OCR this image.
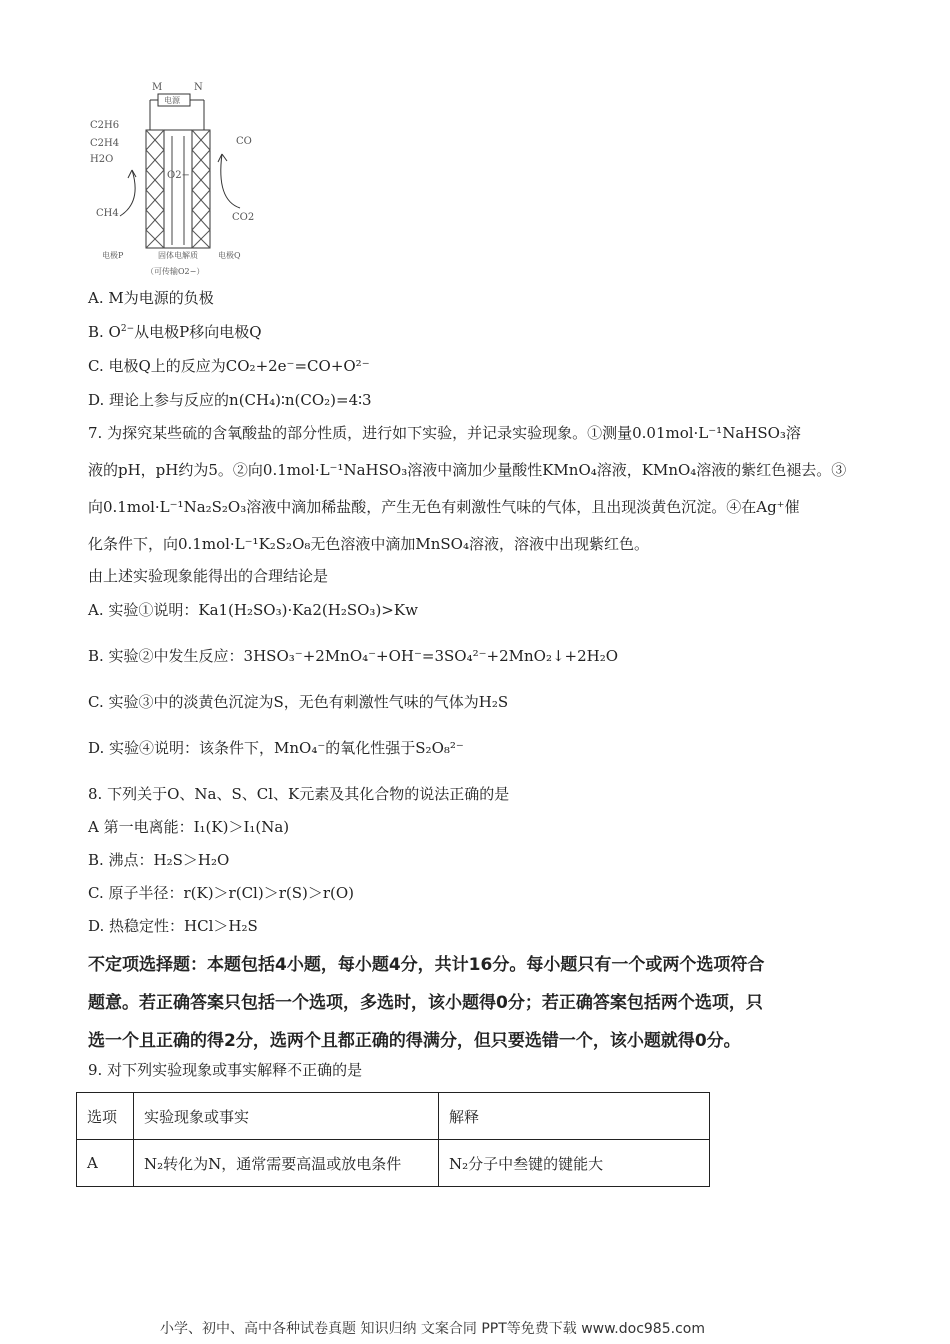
M	N
电源
C2H6
C2H4
H2O
CH4
O2−
CO
CO2
电极P	固体电解质	电极Q
（可传输O2−）
A. M为电源的负极
B. $O^{2-}$从电极P移向电极Q
C. 电极Q上的反应为CO₂+2e⁻=CO+O²⁻
D. 理论上参与反应的n(CH₄)∶n(CO₂)=4∶3
7. 为探究某些硫的含氧酸盐的部分性质，进行如下实验，并记录实验现象。①测量0.01mol·L⁻¹NaHSO₃溶
液的pH，pH约为5。②向0.1mol·L⁻¹NaHSO₃溶液中滴加少量酸性KMnO₄溶液，KMnO₄溶液的紫红色褪去。③
向0.1mol·L⁻¹Na₂S₂O₃溶液中滴加稀盐酸，产生无色有刺激性气味的气体，且出现淡黄色沉淀。④在Ag⁺催
化条件下，向0.1mol·L⁻¹K₂S₂O₈无色溶液中滴加MnSO₄溶液，溶液中出现紫红色。
由上述实验现象能得出的合理结论是
A. 实验①说明：Ka1(H₂SO₃)·Ka2(H₂SO₃)>Kw
B. 实验②中发生反应：3HSO₃⁻+2MnO₄⁻+OH⁻=3SO₄²⁻+2MnO₂↓+2H₂O
C. 实验③中的淡黄色沉淀为S，无色有刺激性气味的气体为H₂S
D. 实验④说明：该条件下，MnO₄⁻的氧化性强于S₂O₈²⁻
8. 下列关于O、Na、S、Cl、K元素及其化合物的说法正确的是
A 第一电离能：I₁(K)＞I₁(Na)
B. 沸点：H₂S＞H₂O
C. 原子半径：r(K)＞r(Cl)＞r(S)＞r(O)
D. 热稳定性：HCl＞H₂S
不定项选择题：本题包括4小题，每小题4分，共计16分。每小题只有一个或两个选项符合
题意。若正确答案只包括一个选项，多选时，该小题得0分；若正确答案包括两个选项，只
选一个且正确的得2分，选两个且都正确的得满分，但只要选错一个，该小题就得0分。
9. 对下列实验现象或事实解释不正确的是
选项	实验现象或事实	解释
A	N₂转化为N，通常需要高温或放电条件	N₂分子中叁键的键能大
小学、初中、高中各种试卷真题 知识归纳 文案合同 PPT等免费下载 www.doc985.com
